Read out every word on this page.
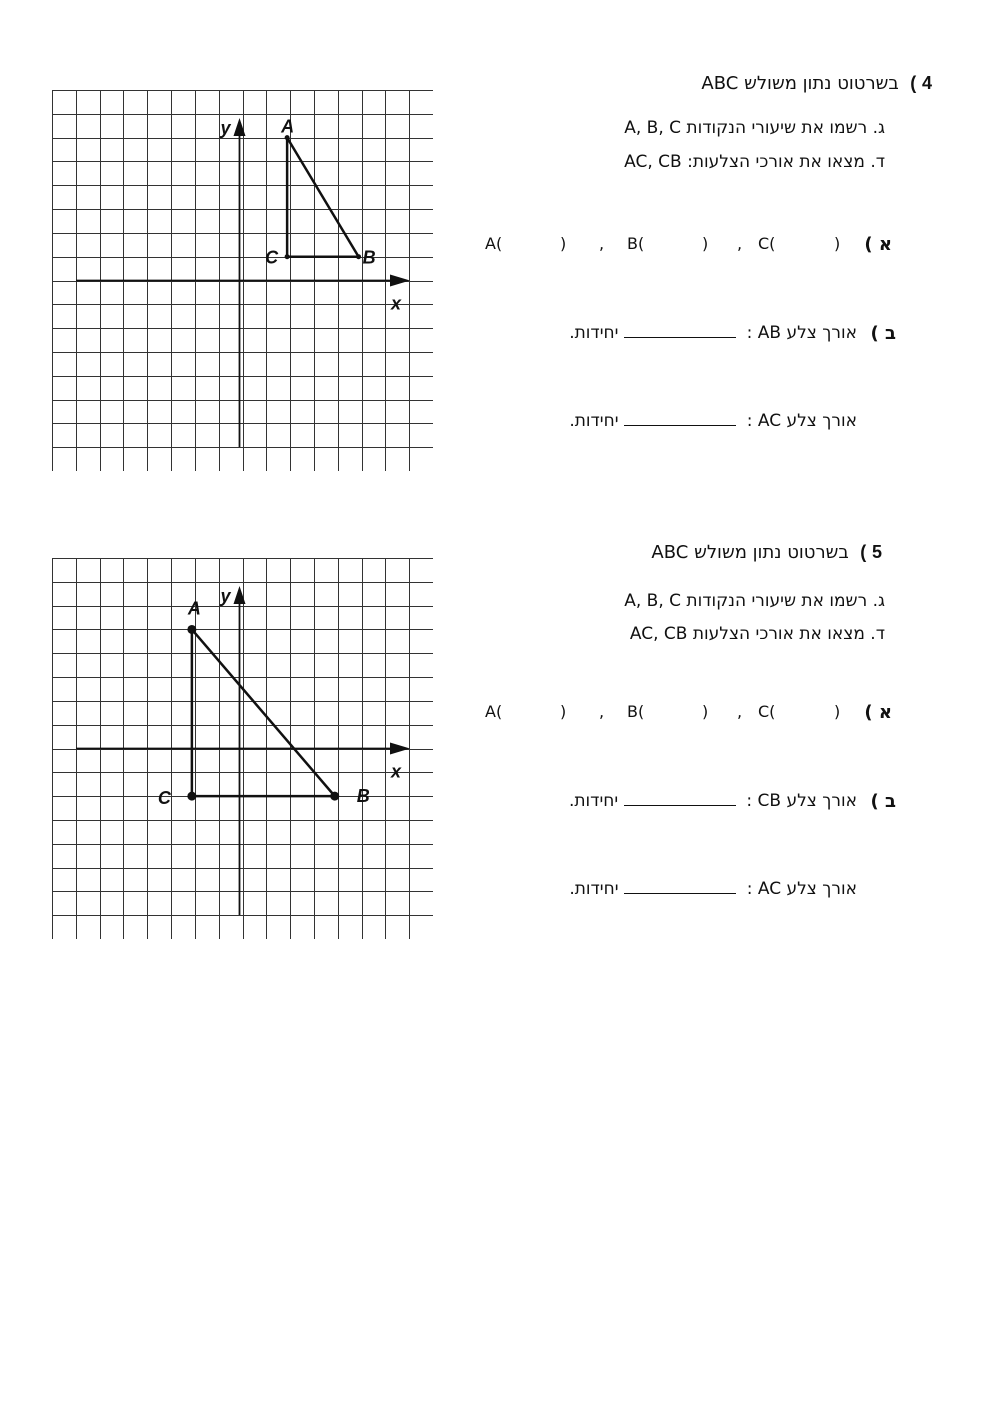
x
y	A
B
C
4 )  בשרטוט נתון משולש ABC
ג. רשמו את שיעורי הנקודות A, B, C
ד. מצאו את אורכי הצלעות: AC, CB
א )
A(	) , B(	) , C(	)
ב )
אורך צלע AB :   יחידות.
אורך צלע AC :   יחידות.
x
y
A
B
C
5 )  בשרטוט נתון משולש ABC
ג. רשמו את שיעורי הנקודות A, B, C
ד. מצאו את אורכי הצלעות AC, CB
א )
A(	) , B(	) , C(	)
ב )
אורך צלע CB :   יחידות.
אורך צלע AC :   יחידות.
